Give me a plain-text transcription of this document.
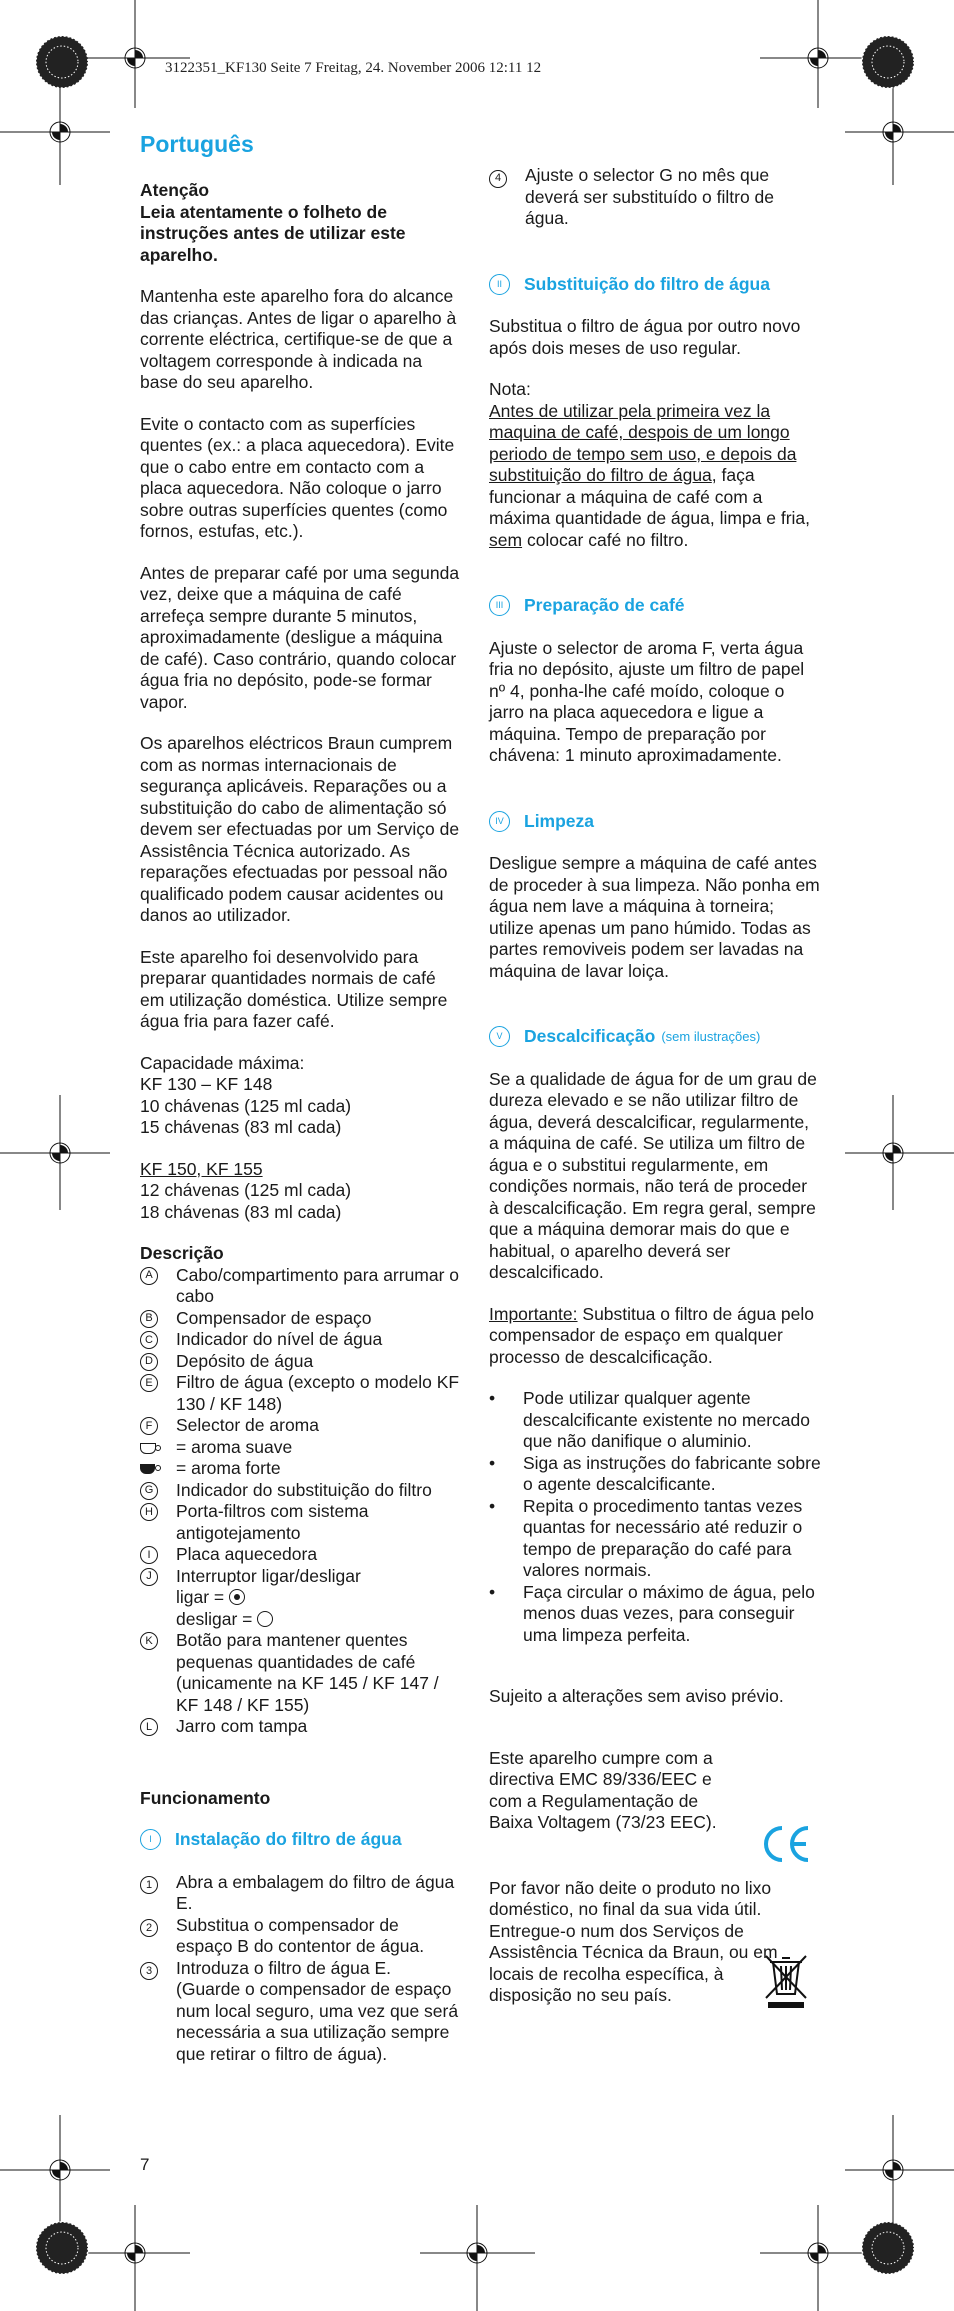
3122351_KF130 Seite 7 Freitag, 24. November 2006 12:11 12
Português
Atenção

Leia atentamente o folheto de instruções antes de utilizar este aparelho.

Mantenha este aparelho fora do alcance das crianças. Antes de ligar o aparelho à corrente eléctrica, certifique-se de que a voltagem corresponde à indicada na base do seu aparelho.

Evite o contacto com as superfícies quentes (ex.: a placa aquecedora). Evite que o cabo entre em contacto com a placa aquecedora. Não coloque o jarro sobre outras superfícies quentes (como fornos, estufas, etc.).

Antes de preparar café por uma segunda vez, deixe que a máquina de café arrefeça sempre durante 5 minutos, aproximadamente (desligue a máquina de café). Caso contrário, quando colocar água fria no depósito, pode-se formar vapor.

Os aparelhos eléctricos Braun cumprem com as normas internacionais de segurança aplicáveis. Reparações ou a substituição do cabo de alimentação só devem ser efectuadas por um Serviço de Assistência Técnica autorizado. As reparações efectuadas por pessoal não qualificado podem causar acidentes ou danos ao utilizador.

Este aparelho foi desenvolvido para preparar quantidades normais de café em utilização doméstica. Utilize sempre água fria para fazer café.

Capacidade máxima:
KF 130 – KF 148
10 chávenas (125 ml cada)
15 chávenas (83 ml cada)
KF 150, KF 155
12 chávenas (125 ml cada)
18 chávenas (83 ml cada)
Descrição
A	Cabo/compartimento para arrumar o cabo
B	Compensador de espaço
C Indicador do nível de água
D Depósito de água
E	Filtro de água (excepto o modelo KF 130 / KF 148)
F	Selector de aroma
= aroma suave
= aroma forte
G Indicador do substituição do filtro
H Porta-filtros com sistema antigotejamento
I	Placa aquecedora
J	Interruptor ligar/desligar
ligar =
desligar =
K	Botão para mantener quentes pequenas quantidades de café (unicamente na KF 145 / KF 147 / KF 148 / KF 155)
L	Jarro com tampa

Funcionamento

I	Instalação do filtro de água
1	Abra a embalagem do filtro de água E.
2	Substitua o compensador de espaço B do contentor de água.
3	Introduza o filtro de água E. (Guarde o compensador de espaço num local seguro, uma vez que será necessária a sua utilização sempre que retirar o filtro de água).
4	Ajuste o selector G no mês que deverá ser substituído o filtro de água.
II	Substituição do filtro de água

Substitua o filtro de água por outro novo após dois meses de uso regular.

Nota:

Antes de utilizar pela primeira vez la maquina de café, despois de um longo periodo de tempo sem uso, e depois da substituição do filtro de água, faça funcionar a máquina de café com a máxima quantidade de água, limpa e fria, sem colocar café no filtro.

III	Preparação de café

Ajuste o selector de aroma F, verta água fria no depósito, ajuste um filtro de papel nº 4, ponha-lhe café moído, coloque o jarro na placa aquecedora e ligue a máquina. Tempo de preparação por chávena: 1 minuto aproximadamente.

IV	Limpeza

Desligue sempre a máquina de café antes de proceder à sua limpeza. Não ponha em água nem lave a máquina à torneira; utilize apenas um pano húmido. Todas as partes removiveis podem ser lavadas na máquina de lavar loiça.

V	Descalcificação (sem ilustrações)

Se a qualidade de água for de um grau de dureza elevado e se não utilizar filtro de água, deverá descalcificar, regularmente, a máquina de café. Se utiliza um filtro de água e o substitui regularmente, em condições normais, não terá de proceder à descalcificação. Em regra geral, sempre que a máquina demorar mais do que e habitual, o aparelho deverá ser descalcificado.

Importante: Substitua o filtro de água pelo compensador de espaço em qualquer processo de descalcificação.

•	Pode utilizar qualquer agente descalcificante existente no mercado que não danifique o aluminio.
•	Siga as instruções do fabricante sobre o agente descalcificante.
•	Repita o procedimento tantas vezes quantas for necessário até reduzir o tempo de preparação do café para valores normais.
•	Faça circular o máximo de água, pelo menos duas vezes, para conseguir uma limpeza perfeita.

Sujeito a alterações sem aviso prévio.

Este aparelho cumpre com a directiva EMC 89/336/EEC e com a Regulamentação de Baixa Voltagem (73/23 EEC).

Por favor não deite o produto no lixo doméstico, no final da sua vida útil. Entregue-o num dos Serviços de Assistência Técnica da Braun, ou em locais de recolha específica, à disposição no seu país.

7
